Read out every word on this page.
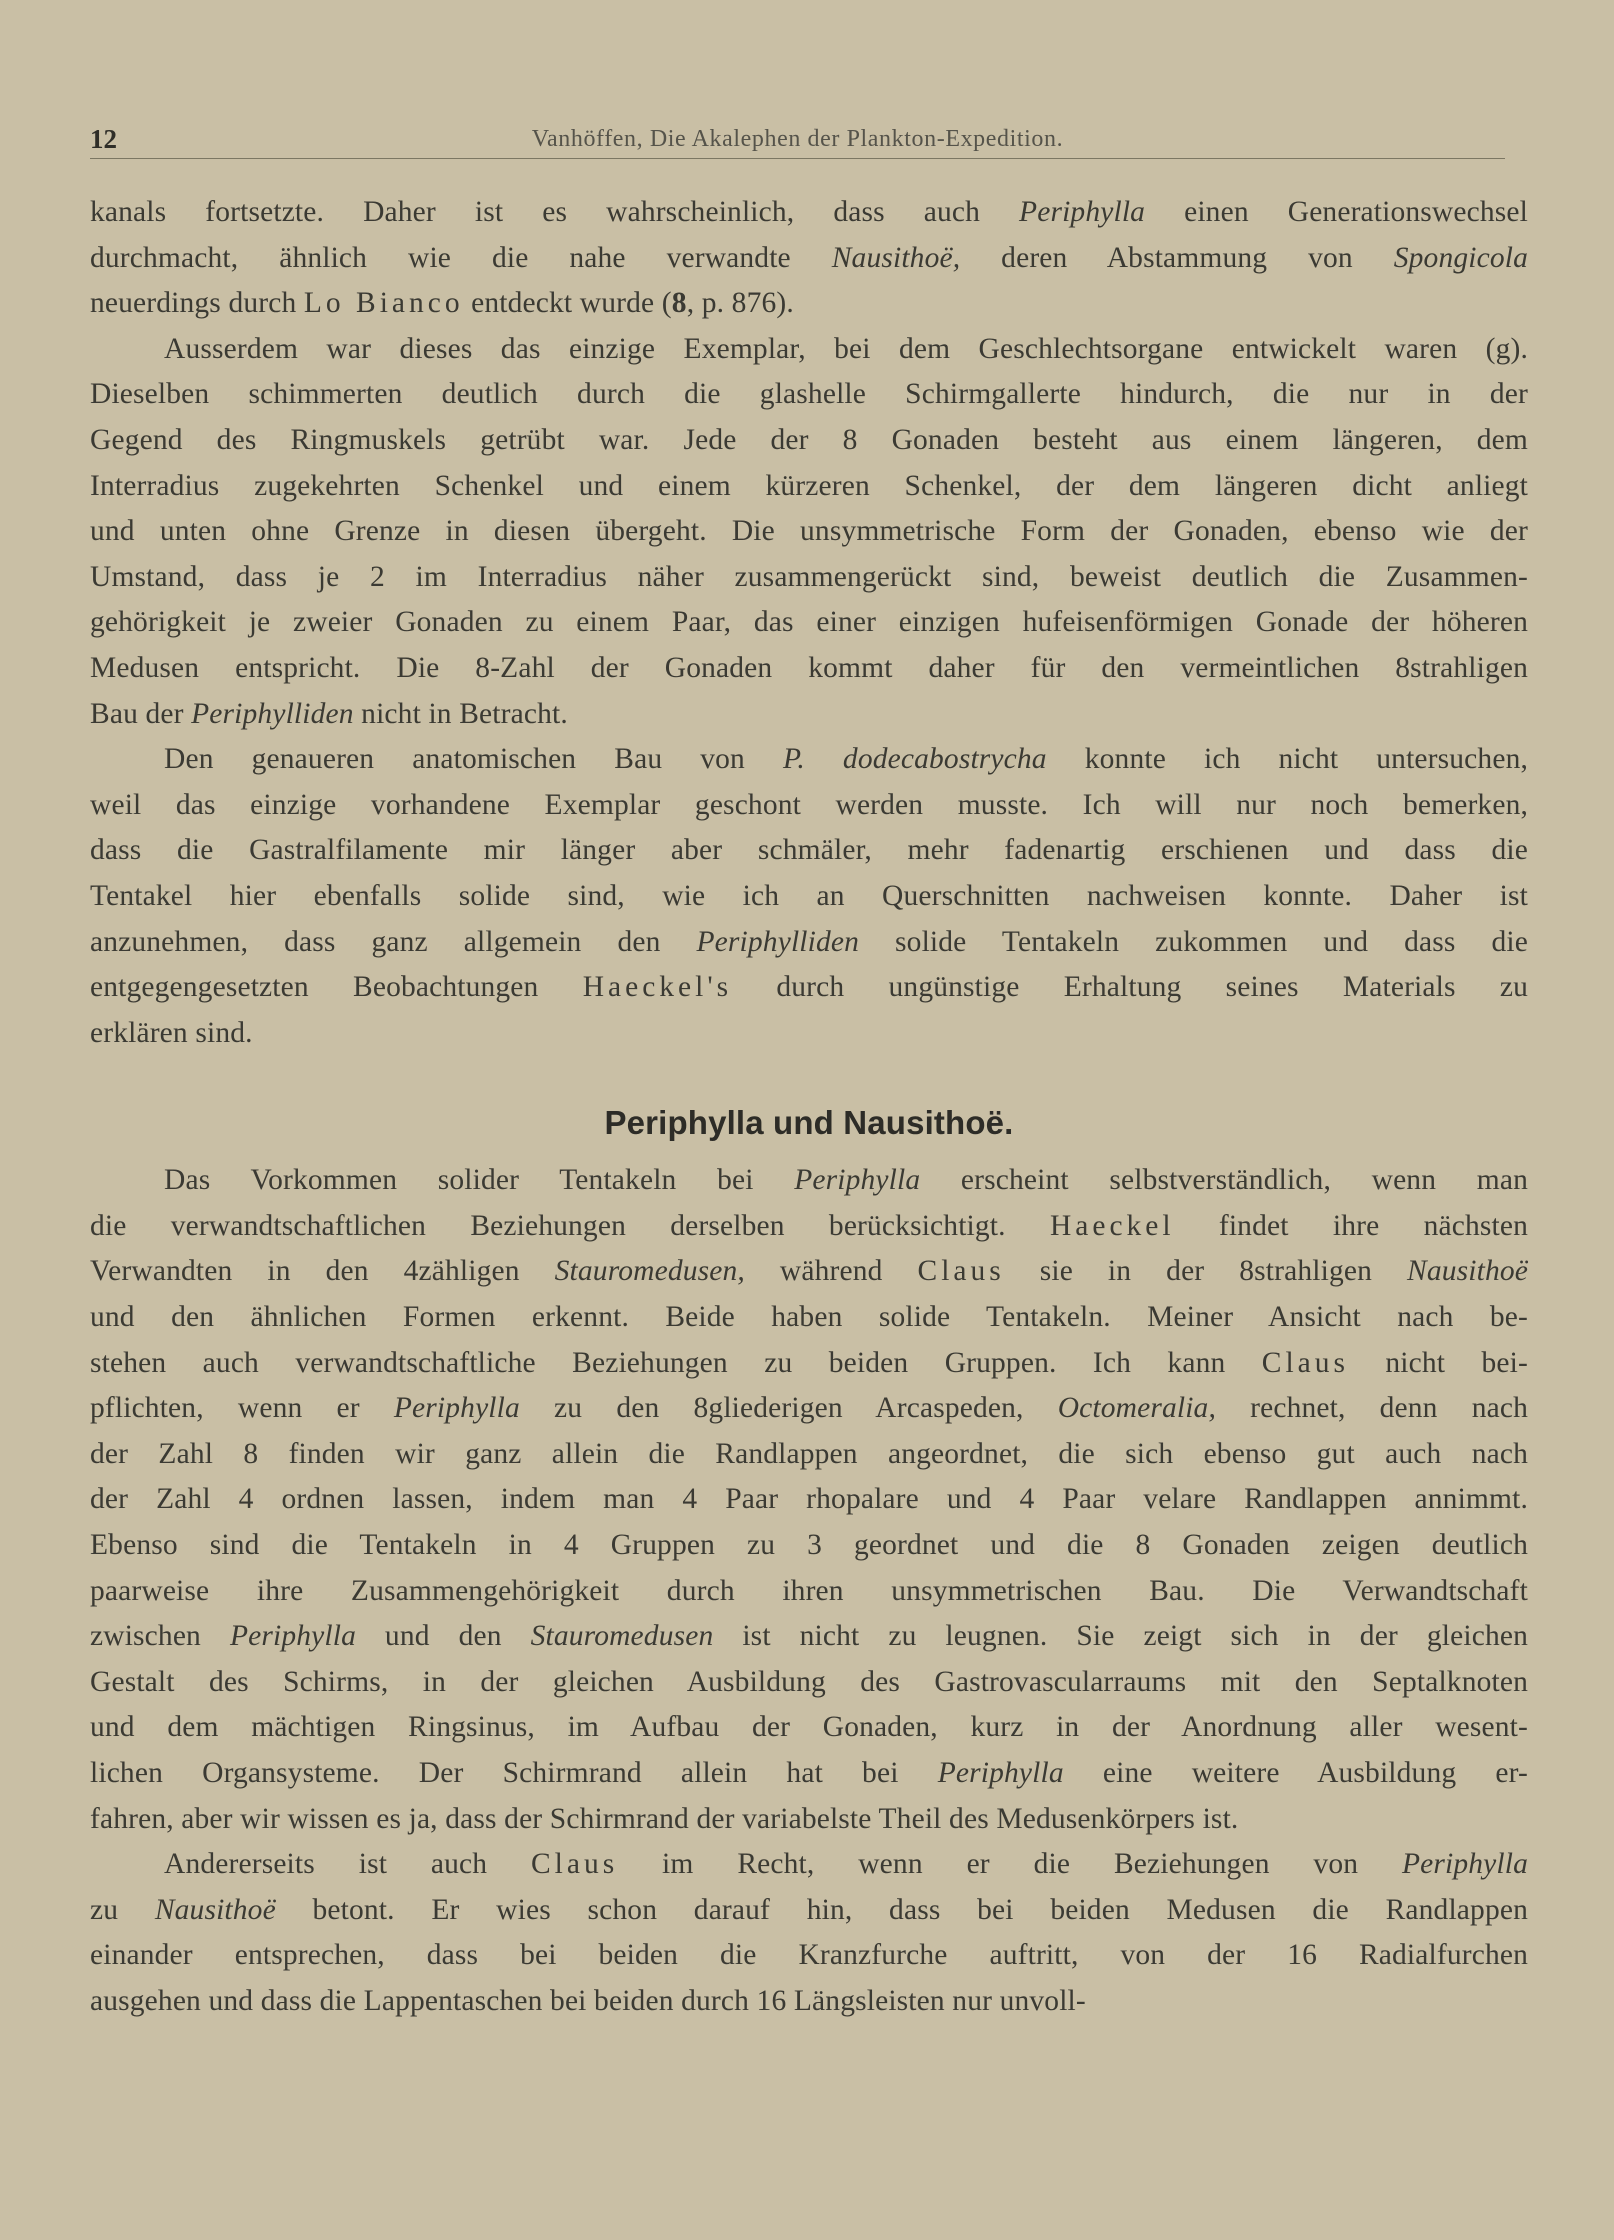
12	Vanhöffen, Die Akalephen der Plankton-Expedition.
kanals fortsetzte. Daher ist es wahrscheinlich, dass auch Periphylla einen Generationswechsel
durchmacht, ähnlich wie die nahe verwandte Nausithoë, deren Abstammung von Spongicola
neuerdings durch Lo Bianco entdeckt wurde (8, p. 876).
Ausserdem war dieses das einzige Exemplar, bei dem Geschlechtsorgane entwickelt waren (g).
Dieselben schimmerten deutlich durch die glashelle Schirmgallerte hindurch, die nur in der
Gegend des Ringmuskels getrübt war. Jede der 8 Gonaden besteht aus einem längeren, dem
Interradius zugekehrten Schenkel und einem kürzeren Schenkel, der dem längeren dicht anliegt
und unten ohne Grenze in diesen übergeht. Die unsymmetrische Form der Gonaden, ebenso wie der
Umstand, dass je 2 im Interradius näher zusammengerückt sind, beweist deutlich die Zusammen-
gehörigkeit je zweier Gonaden zu einem Paar, das einer einzigen hufeisenförmigen Gonade der höheren
Medusen entspricht. Die 8-Zahl der Gonaden kommt daher für den vermeintlichen 8strahligen
Bau der Periphylliden nicht in Betracht.
Den genaueren anatomischen Bau von P. dodecabostrycha konnte ich nicht untersuchen,
weil das einzige vorhandene Exemplar geschont werden musste. Ich will nur noch bemerken,
dass die Gastralfilamente mir länger aber schmäler, mehr fadenartig erschienen und dass die
Tentakel hier ebenfalls solide sind, wie ich an Querschnitten nachweisen konnte. Daher ist
anzunehmen, dass ganz allgemein den Periphylliden solide Tentakeln zukommen und dass die
entgegengesetzten Beobachtungen Haeckel's durch ungünstige Erhaltung seines Materials zu
erklären sind.
Periphylla und Nausithoë.
Das Vorkommen solider Tentakeln bei Periphylla erscheint selbstverständlich, wenn man
die verwandtschaftlichen Beziehungen derselben berücksichtigt. Haeckel findet ihre nächsten
Verwandten in den 4zähligen Stauromedusen, während Claus sie in der 8strahligen Nausithoë
und den ähnlichen Formen erkennt. Beide haben solide Tentakeln. Meiner Ansicht nach be-
stehen auch verwandtschaftliche Beziehungen zu beiden Gruppen. Ich kann Claus nicht bei-
pflichten, wenn er Periphylla zu den 8gliederigen Arcaspeden, Octomeralia, rechnet, denn nach
der Zahl 8 finden wir ganz allein die Randlappen angeordnet, die sich ebenso gut auch nach
der Zahl 4 ordnen lassen, indem man 4 Paar rhopalare und 4 Paar velare Randlappen annimmt.
Ebenso sind die Tentakeln in 4 Gruppen zu 3 geordnet und die 8 Gonaden zeigen deutlich
paarweise ihre Zusammengehörigkeit durch ihren unsymmetrischen Bau. Die Verwandtschaft
zwischen Periphylla und den Stauromedusen ist nicht zu leugnen. Sie zeigt sich in der gleichen
Gestalt des Schirms, in der gleichen Ausbildung des Gastrovascularraums mit den Septalknoten
und dem mächtigen Ringsinus, im Aufbau der Gonaden, kurz in der Anordnung aller wesent-
lichen Organsysteme. Der Schirmrand allein hat bei Periphylla eine weitere Ausbildung er-
fahren, aber wir wissen es ja, dass der Schirmrand der variabelste Theil des Medusenkörpers ist.
Andererseits ist auch Claus im Recht, wenn er die Beziehungen von Periphylla
zu Nausithoë betont. Er wies schon darauf hin, dass bei beiden Medusen die Randlappen
einander entsprechen, dass bei beiden die Kranzfurche auftritt, von der 16 Radialfurchen
ausgehen und dass die Lappentaschen bei beiden durch 16 Längsleisten nur unvoll-
